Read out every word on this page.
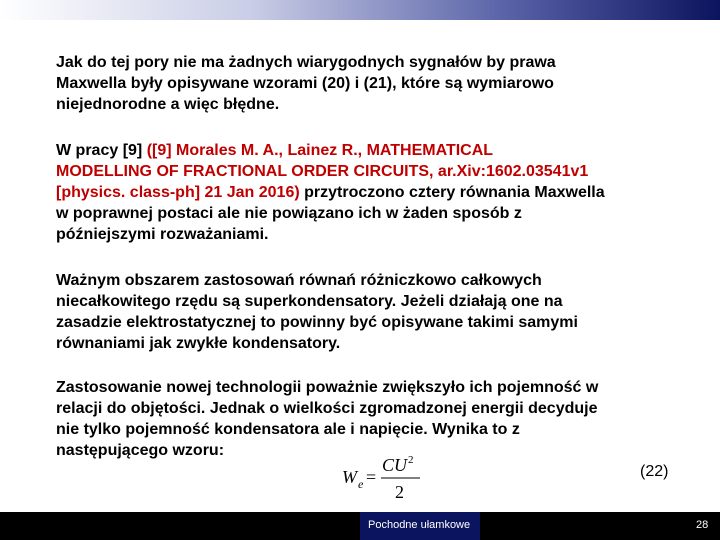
Jak do tej pory nie ma żadnych wiarygodnych sygnałów by prawa
Maxwella były opisywane wzorami (20) i (21), które są wymiarowo
niejednorodne a więc błędne.

W pracy [9] ([9] Morales M. A., Lainez R., MATHEMATICAL
MODELLING OF FRACTIONAL ORDER CIRCUITS, ar.Xiv:1602.03541v1
[physics. class-ph] 21 Jan 2016) przytroczono cztery równania Maxwella
w poprawnej postaci ale nie powiązano ich w żaden sposób z
późniejszymi rozważaniami.

Ważnym obszarem zastosowań równań różniczkowo całkowych
niecałkowitego rzędu są superkondensatory. Jeżeli działają one na
zasadzie elektrostatycznej to powinny być opisywane takimi samymi
równaniami jak zwykłe kondensatory.

Zastosowanie nowej technologii poważnie zwiększyło ich pojemność w
relacji do objętości. Jednak o wielkości zgromadzonej energii decyduje
nie tylko pojemność kondensatora ale i napięcie. Wynika to z
następującego wzoru:

W e =
CU 2
2
(22)
Pochodne ułamkowe	28
